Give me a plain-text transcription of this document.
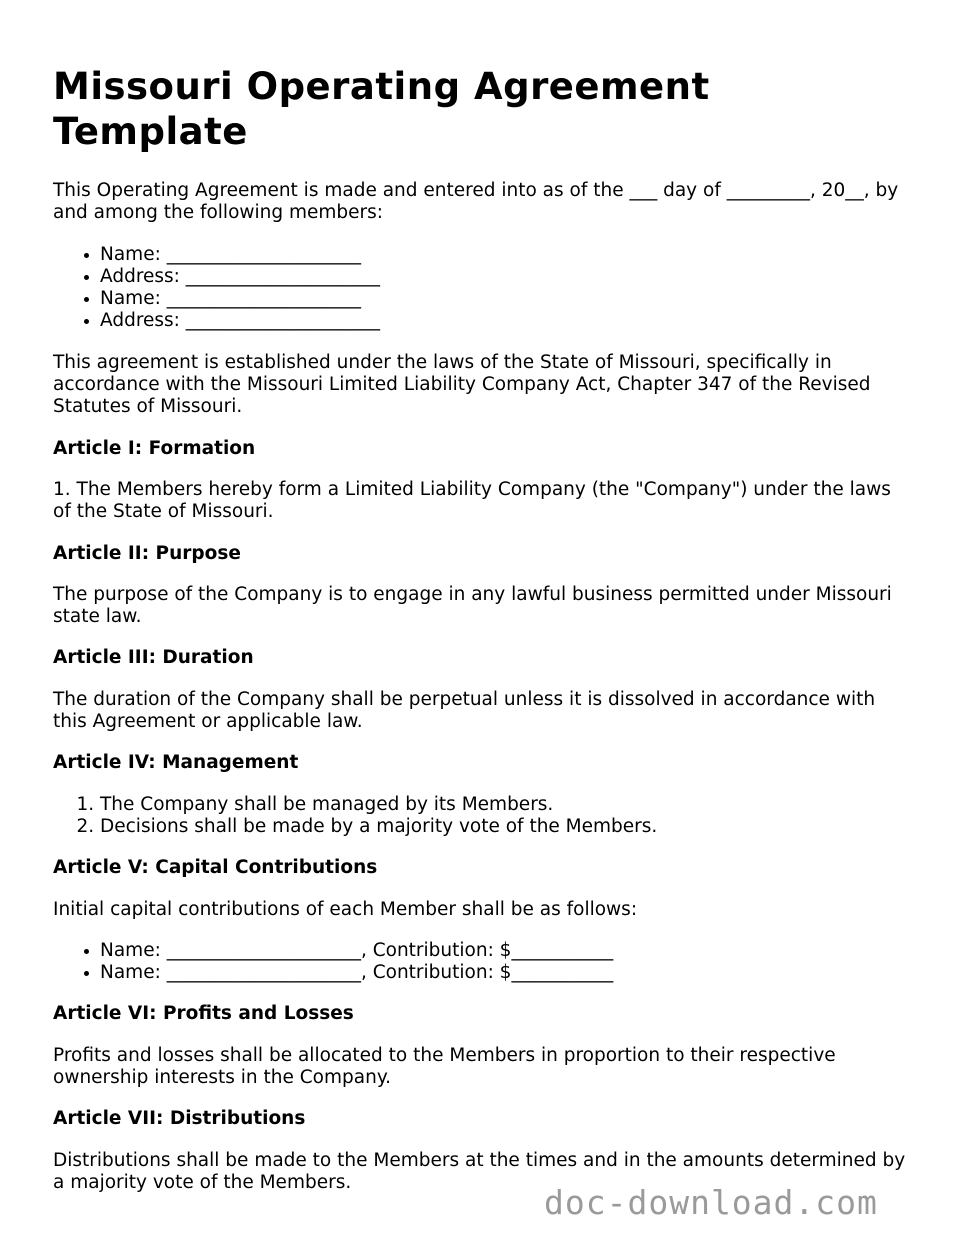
Missouri Operating Agreement Template

This Operating Agreement is made and entered into as of the ___ day of _________, 20__, by and among the following members:

• Name: _____________________
• Address: _____________________
• Name: _____________________
• Address: _____________________

This agreement is established under the laws of the State of Missouri, specifically in accordance with the Missouri Limited Liability Company Act, Chapter 347 of the Revised Statutes of Missouri.

Article I: Formation

1. The Members hereby form a Limited Liability Company (the "Company") under the laws of the State of Missouri.

Article II: Purpose

The purpose of the Company is to engage in any lawful business permitted under Missouri state law.

Article III: Duration

The duration of the Company shall be perpetual unless it is dissolved in accordance with this Agreement or applicable law.

Article IV: Management
1. The Company shall be managed by its Members.
2. Decisions shall be made by a majority vote of the Members.
Article V: Capital Contributions

Initial capital contributions of each Member shall be as follows:

• Name: _____________________, Contribution: $___________
• Name: _____________________, Contribution: $___________
Article VI: Profits and Losses

Profits and losses shall be allocated to the Members in proportion to their respective ownership interests in the Company.

Article VII: Distributions

Distributions shall be made to the Members at the times and in the amounts determined by a majority vote of the Members.

doc-download.com
